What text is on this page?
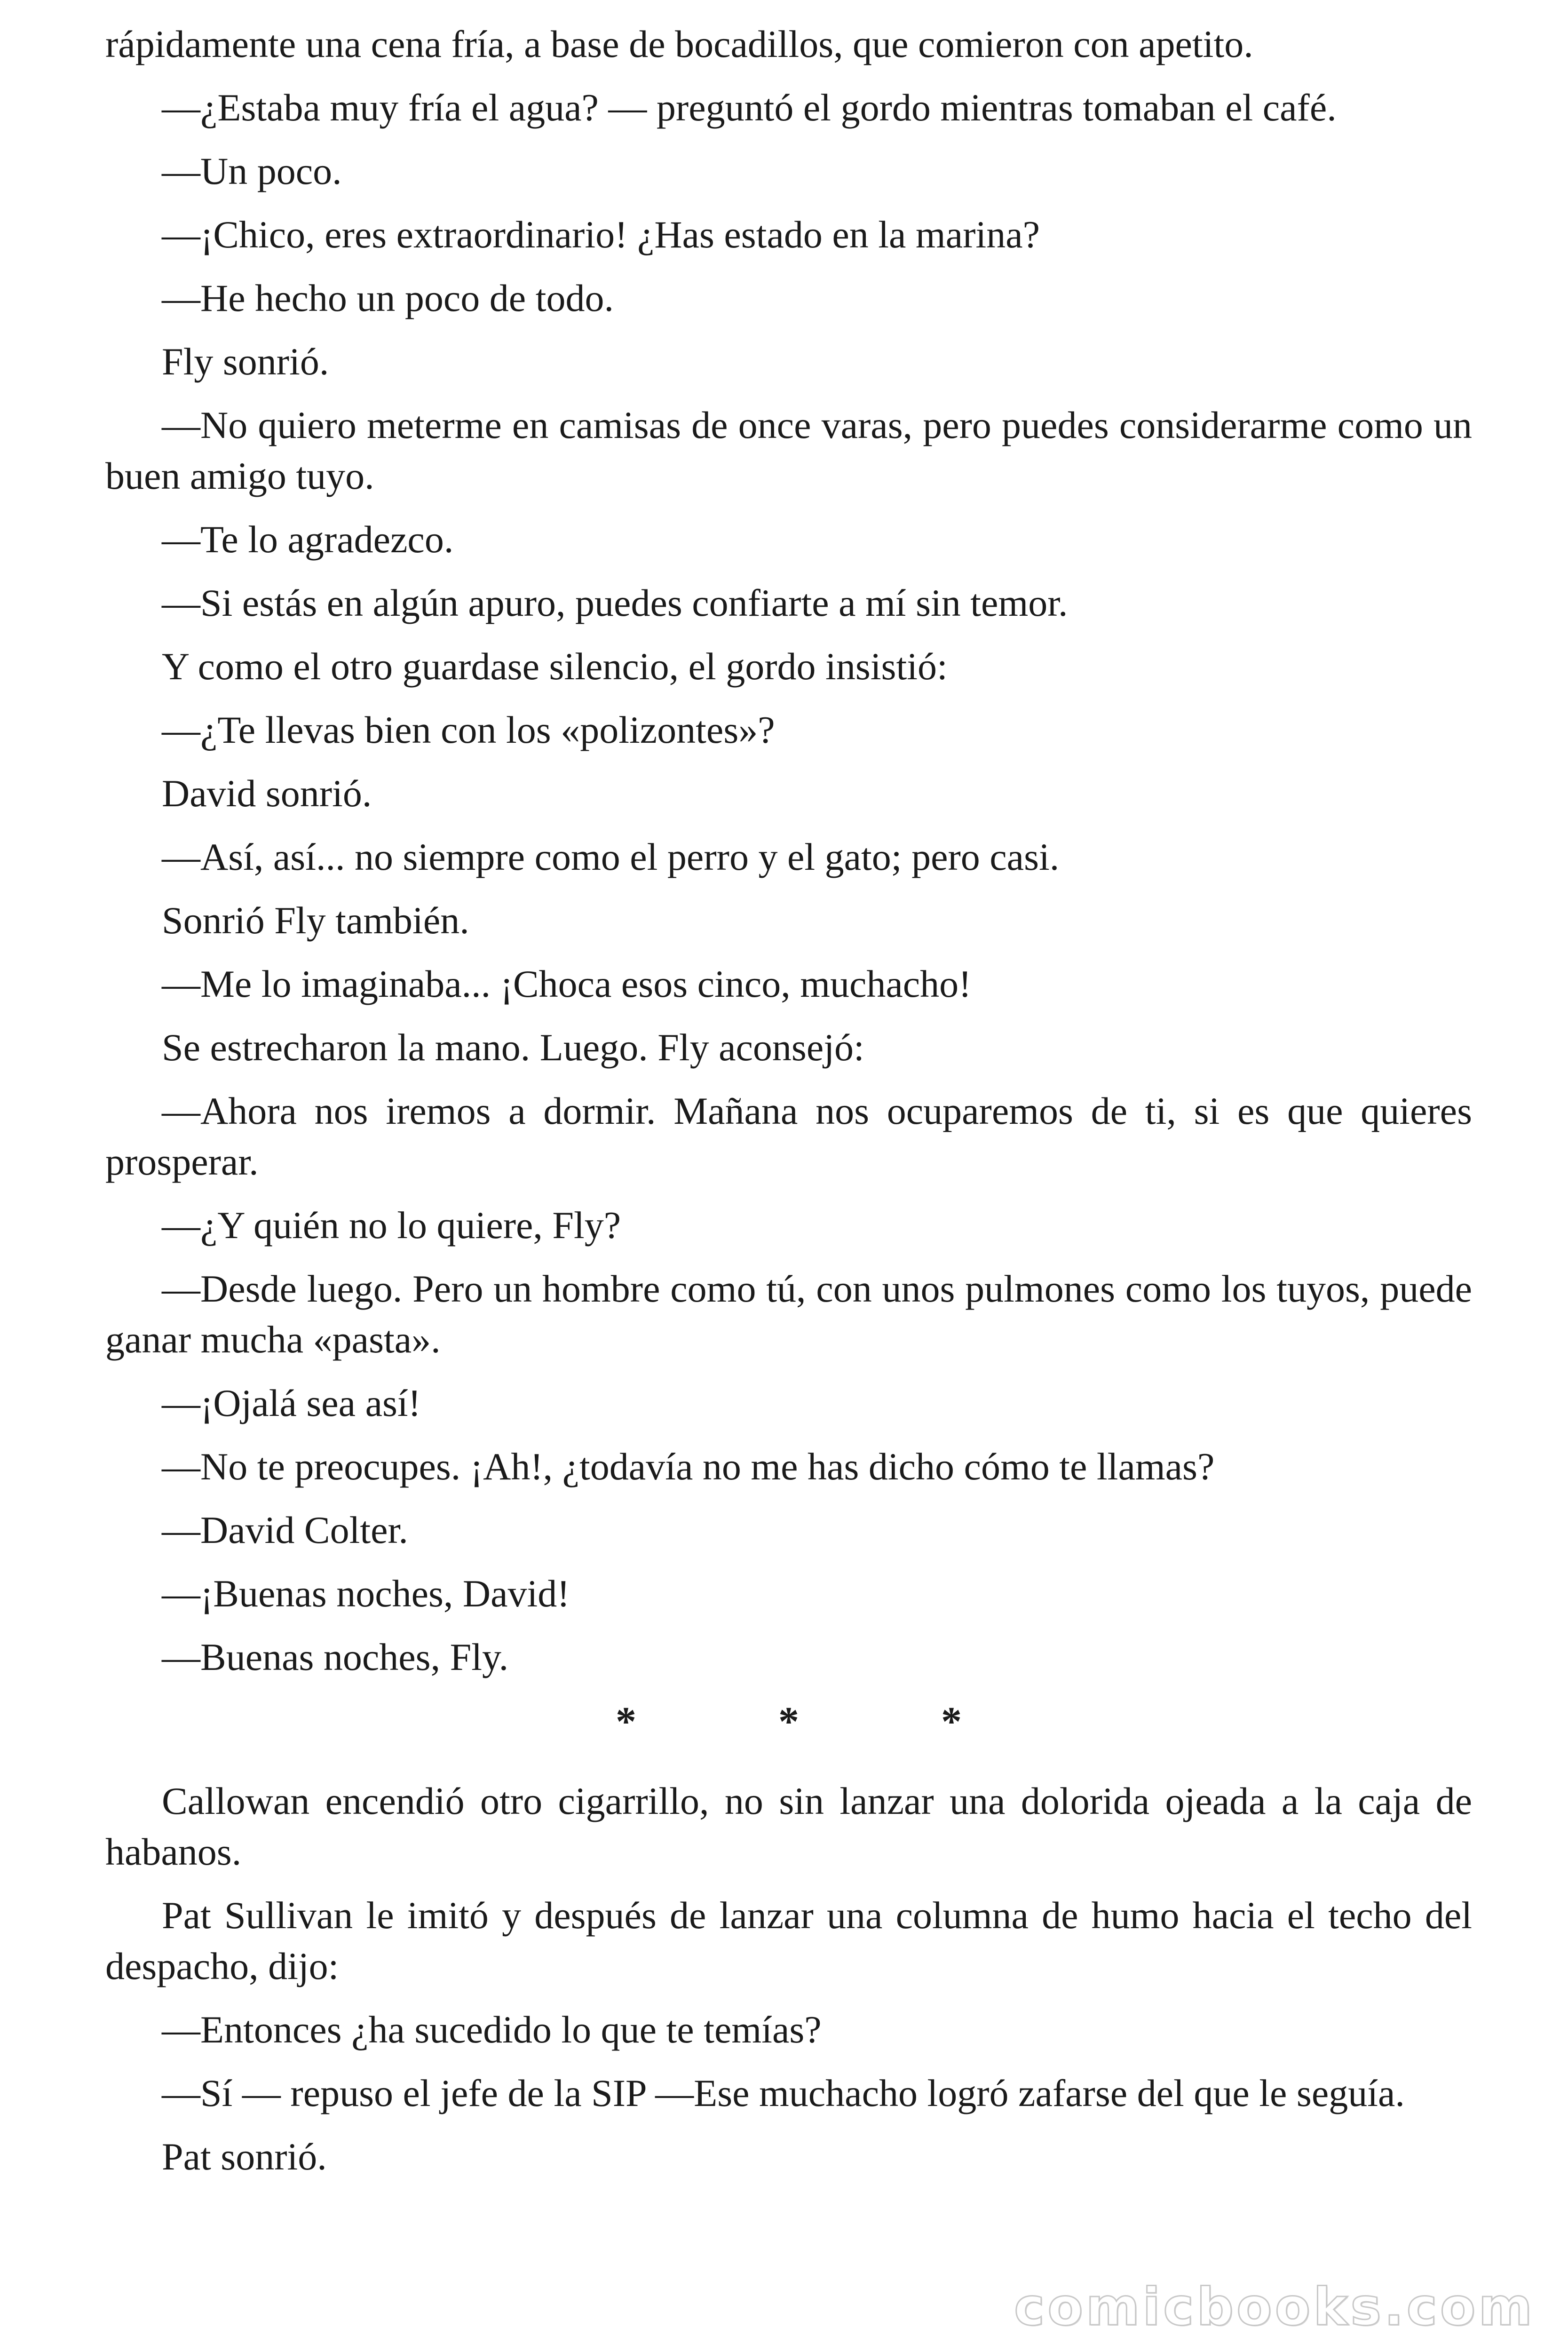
rápidamente una cena fría, a base de bocadillos, que comieron con apetito.

—¿Estaba muy fría el agua? — preguntó el gordo mientras tomaban el café.

—Un poco.

—¡Chico, eres extraordinario! ¿Has estado en la marina?

—He hecho un poco de todo.

Fly sonrió.

—No quiero meterme en camisas de once varas, pero puedes considerarme como un buen amigo tuyo.

—Te lo agradezco.

—Si estás en algún apuro, puedes confiarte a mí sin temor.

Y como el otro guardase silencio, el gordo insistió:

—¿Te llevas bien con los «polizontes»?

David sonrió.

—Así, así... no siempre como el perro y el gato; pero casi.

Sonrió Fly también.

—Me lo imaginaba... ¡Choca esos cinco, muchacho!

Se estrecharon la mano. Luego. Fly aconsejó:

—Ahora nos iremos a dormir. Mañana nos ocuparemos de ti, si es que quieres prosperar.

—¿Y quién no lo quiere, Fly?

—Desde luego. Pero un hombre como tú, con unos pulmones como los tuyos, puede ganar mucha «pasta».

—¡Ojalá sea así!

—No te preocupes. ¡Ah!, ¿todavía no me has dicho cómo te llamas?

—David Colter.

—¡Buenas noches, David!

—Buenas noches, Fly.

* * *

Callowan encendió otro cigarrillo, no sin lanzar una dolorida ojeada a la caja de habanos.

Pat Sullivan le imitó y después de lanzar una columna de humo hacia el techo del despacho, dijo:

—Entonces ¿ha sucedido lo que te temías?

—Sí — repuso el jefe de la SIP —Ese muchacho logró zafarse del que le seguía.

Pat sonrió.

comicbooks.com
